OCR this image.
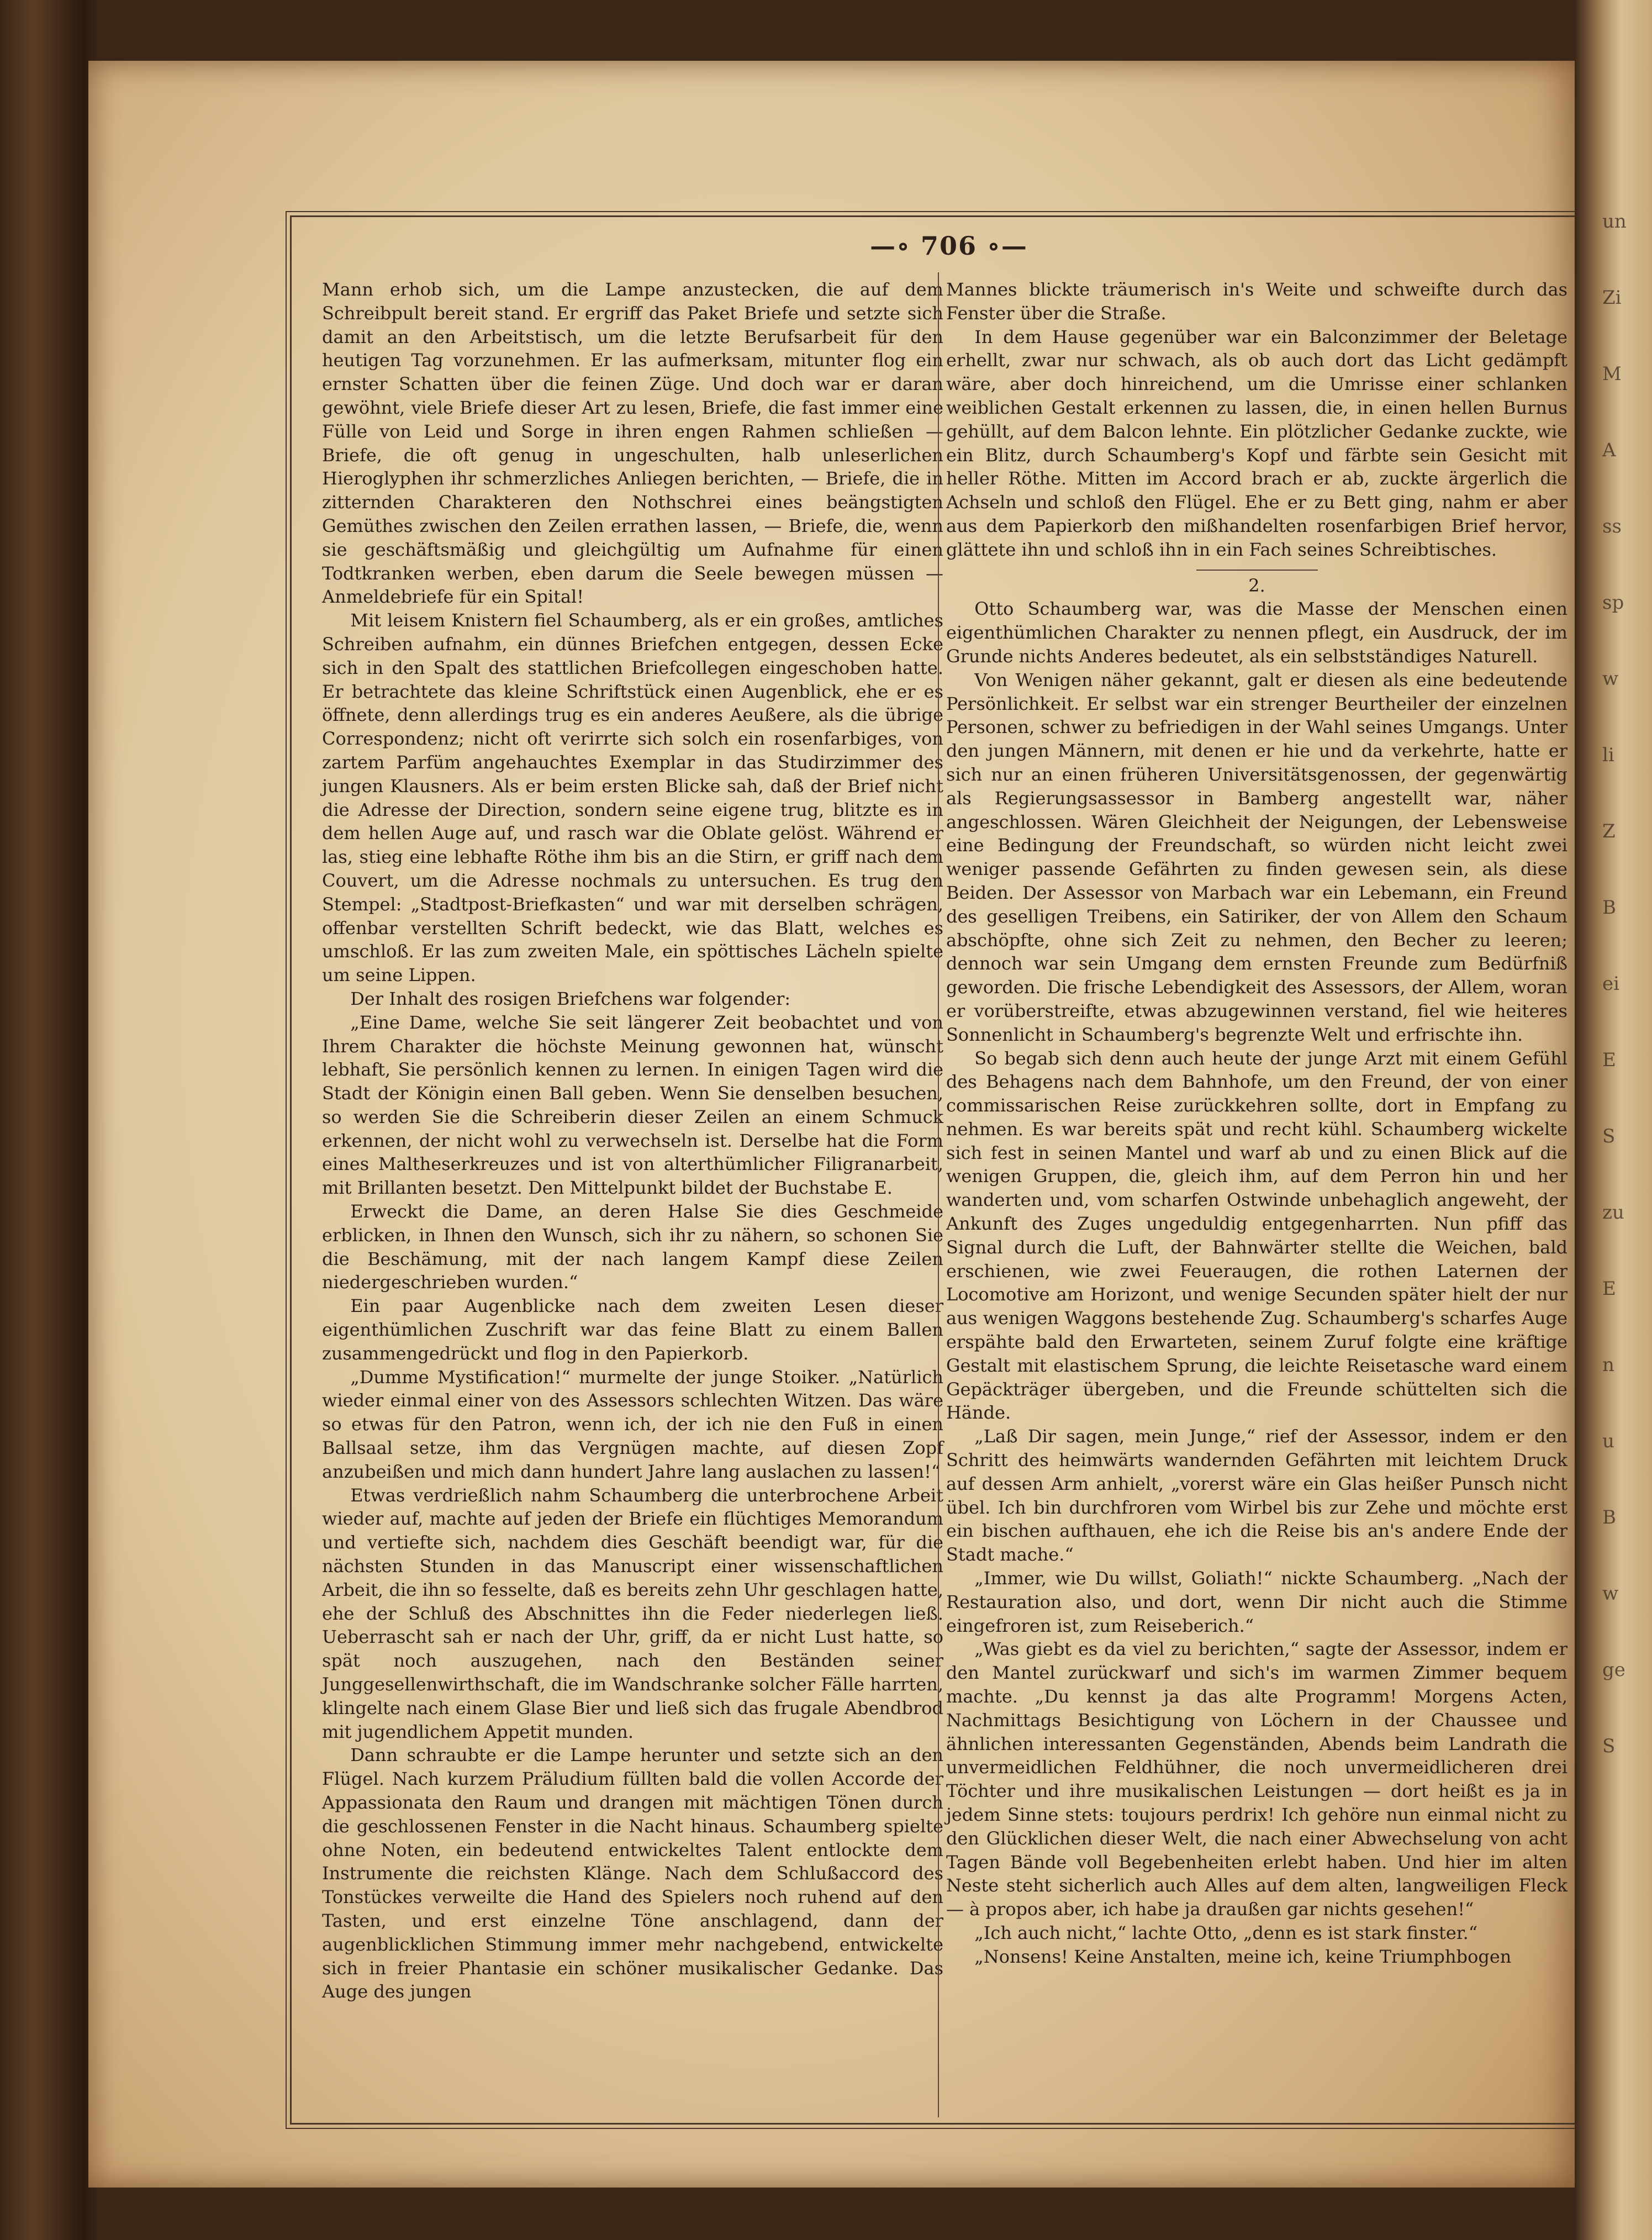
—∘ 706 ∘—

Mann erhob sich, um die Lampe anzustecken, die auf dem Schreibpult bereit stand. Er ergriff das Paket Briefe und setzte sich damit an den Arbeitstisch, um die letzte Berufsarbeit für den heutigen Tag vorzunehmen. Er las aufmerksam, mitunter flog ein ernster Schatten über die feinen Züge. Und doch war er daran gewöhnt, viele Briefe dieser Art zu lesen, Briefe, die fast immer eine Fülle von Leid und Sorge in ihren engen Rahmen schließen — Briefe, die oft genug in ungeschulten, halb unleserlichen Hieroglyphen ihr schmerzliches Anliegen berichten, — Briefe, die in zitternden Charakteren den Nothschrei eines beängstigten Gemüthes zwischen den Zeilen errathen lassen, — Briefe, die, wenn sie geschäftsmäßig und gleichgültig um Aufnahme für einen Todtkranken werben, eben darum die Seele bewegen müssen — Anmeldebriefe für ein Spital!

Mit leisem Knistern fiel Schaumberg, als er ein großes, amtliches Schreiben aufnahm, ein dünnes Briefchen entgegen, dessen Ecke sich in den Spalt des stattlichen Briefcollegen eingeschoben hatte. Er betrachtete das kleine Schriftstück einen Augenblick, ehe er es öffnete, denn allerdings trug es ein anderes Aeußere, als die übrige Correspondenz; nicht oft verirrte sich solch ein rosenfarbiges, von zartem Parfüm angehauchtes Exemplar in das Studirzimmer des jungen Klausners. Als er beim ersten Blicke sah, daß der Brief nicht die Adresse der Direction, sondern seine eigene trug, blitzte es in dem hellen Auge auf, und rasch war die Oblate gelöst. Während er las, stieg eine lebhafte Röthe ihm bis an die Stirn, er griff nach dem Couvert, um die Adresse nochmals zu untersuchen. Es trug den Stempel: „Stadtpost-Briefkasten“ und war mit derselben schrägen, offenbar verstellten Schrift bedeckt, wie das Blatt, welches es umschloß. Er las zum zweiten Male, ein spöttisches Lächeln spielte um seine Lippen.

Der Inhalt des rosigen Briefchens war folgender:

„Eine Dame, welche Sie seit längerer Zeit beobachtet und von Ihrem Charakter die höchste Meinung gewonnen hat, wünscht lebhaft, Sie persönlich kennen zu lernen. In einigen Tagen wird die Stadt der Königin einen Ball geben. Wenn Sie denselben besuchen, so werden Sie die Schreiberin dieser Zeilen an einem Schmuck erkennen, der nicht wohl zu verwechseln ist. Derselbe hat die Form eines Maltheserkreuzes und ist von alterthümlicher Filigranarbeit, mit Brillanten besetzt. Den Mittelpunkt bildet der Buchstabe E.

Erweckt die Dame, an deren Halse Sie dies Geschmeide erblicken, in Ihnen den Wunsch, sich ihr zu nähern, so schonen Sie die Beschämung, mit der nach langem Kampf diese Zeilen niedergeschrieben wurden.“

Ein paar Augenblicke nach dem zweiten Lesen dieser eigenthümlichen Zuschrift war das feine Blatt zu einem Ballen zusammengedrückt und flog in den Papierkorb.

„Dumme Mystification!“ murmelte der junge Stoiker. „Natürlich wieder einmal einer von des Assessors schlechten Witzen. Das wäre so etwas für den Patron, wenn ich, der ich nie den Fuß in einen Ballsaal setze, ihm das Vergnügen machte, auf diesen Zopf anzubeißen und mich dann hundert Jahre lang auslachen zu lassen!“

Etwas verdrießlich nahm Schaumberg die unterbrochene Arbeit wieder auf, machte auf jeden der Briefe ein flüchtiges Memorandum und vertiefte sich, nachdem dies Geschäft beendigt war, für die nächsten Stunden in das Manuscript einer wissenschaftlichen Arbeit, die ihn so fesselte, daß es bereits zehn Uhr geschlagen hatte, ehe der Schluß des Abschnittes ihn die Feder niederlegen ließ. Ueberrascht sah er nach der Uhr, griff, da er nicht Lust hatte, so spät noch auszugehen, nach den Beständen seiner Junggesellenwirthschaft, die im Wandschranke solcher Fälle harrten, klingelte nach einem Glase Bier und ließ sich das frugale Abendbrod mit jugendlichem Appetit munden.

Dann schraubte er die Lampe herunter und setzte sich an den Flügel. Nach kurzem Präludium füllten bald die vollen Accorde der Appassionata den Raum und drangen mit mächtigen Tönen durch die geschlossenen Fenster in die Nacht hinaus. Schaumberg spielte ohne Noten, ein bedeutend entwickeltes Talent entlockte dem Instrumente die reichsten Klänge. Nach dem Schlußaccord des Tonstückes verweilte die Hand des Spielers noch ruhend auf den Tasten, und erst einzelne Töne anschlagend, dann der augenblicklichen Stimmung immer mehr nachgebend, entwickelte sich in freier Phantasie ein schöner musikalischer Gedanke. Das Auge des jungen

Mannes blickte träumerisch in's Weite und schweifte durch das Fenster über die Straße.

In dem Hause gegenüber war ein Balconzimmer der Beletage erhellt, zwar nur schwach, als ob auch dort das Licht gedämpft wäre, aber doch hinreichend, um die Umrisse einer schlanken weiblichen Gestalt erkennen zu lassen, die, in einen hellen Burnus gehüllt, auf dem Balcon lehnte. Ein plötzlicher Gedanke zuckte, wie ein Blitz, durch Schaumberg's Kopf und färbte sein Gesicht mit heller Röthe. Mitten im Accord brach er ab, zuckte ärgerlich die Achseln und schloß den Flügel. Ehe er zu Bett ging, nahm er aber aus dem Papierkorb den mißhandelten rosenfarbigen Brief hervor, glättete ihn und schloß ihn in ein Fach seines Schreibtisches.

2.

Otto Schaumberg war, was die Masse der Menschen einen eigenthümlichen Charakter zu nennen pflegt, ein Ausdruck, der im Grunde nichts Anderes bedeutet, als ein selbstständiges Naturell.

Von Wenigen näher gekannt, galt er diesen als eine bedeutende Persönlichkeit. Er selbst war ein strenger Beurtheiler der einzelnen Personen, schwer zu befriedigen in der Wahl seines Umgangs. Unter den jungen Männern, mit denen er hie und da verkehrte, hatte er sich nur an einen früheren Universitätsgenossen, der gegenwärtig als Regierungsassessor in Bamberg angestellt war, näher angeschlossen. Wären Gleichheit der Neigungen, der Lebensweise eine Bedingung der Freundschaft, so würden nicht leicht zwei weniger passende Gefährten zu finden gewesen sein, als diese Beiden. Der Assessor von Marbach war ein Lebemann, ein Freund des geselligen Treibens, ein Satiriker, der von Allem den Schaum abschöpfte, ohne sich Zeit zu nehmen, den Becher zu leeren; dennoch war sein Umgang dem ernsten Freunde zum Bedürfniß geworden. Die frische Lebendigkeit des Assessors, der Allem, woran er vorüberstreifte, etwas abzugewinnen verstand, fiel wie heiteres Sonnenlicht in Schaumberg's begrenzte Welt und erfrischte ihn.

So begab sich denn auch heute der junge Arzt mit einem Gefühl des Behagens nach dem Bahnhofe, um den Freund, der von einer commissarischen Reise zurückkehren sollte, dort in Empfang zu nehmen. Es war bereits spät und recht kühl. Schaumberg wickelte sich fest in seinen Mantel und warf ab und zu einen Blick auf die wenigen Gruppen, die, gleich ihm, auf dem Perron hin und her wanderten und, vom scharfen Ostwinde unbehaglich angeweht, der Ankunft des Zuges ungeduldig entgegenharrten. Nun pfiff das Signal durch die Luft, der Bahnwärter stellte die Weichen, bald erschienen, wie zwei Feueraugen, die rothen Laternen der Locomotive am Horizont, und wenige Secunden später hielt der nur aus wenigen Waggons bestehende Zug. Schaumberg's scharfes Auge erspähte bald den Erwarteten, seinem Zuruf folgte eine kräftige Gestalt mit elastischem Sprung, die leichte Reisetasche ward einem Gepäckträger übergeben, und die Freunde schüttelten sich die Hände.

„Laß Dir sagen, mein Junge,“ rief der Assessor, indem er den Schritt des heimwärts wandernden Gefährten mit leichtem Druck auf dessen Arm anhielt, „vorerst wäre ein Glas heißer Punsch nicht übel. Ich bin durchfroren vom Wirbel bis zur Zehe und möchte erst ein bischen aufthauen, ehe ich die Reise bis an's andere Ende der Stadt mache.“

„Immer, wie Du willst, Goliath!“ nickte Schaumberg. „Nach der Restauration also, und dort, wenn Dir nicht auch die Stimme eingefroren ist, zum Reiseberich.“

„Was giebt es da viel zu berichten,“ sagte der Assessor, indem er den Mantel zurückwarf und sich's im warmen Zimmer bequem machte. „Du kennst ja das alte Programm! Morgens Acten, Nachmittags Besichtigung von Löchern in der Chaussee und ähnlichen interessanten Gegenständen, Abends beim Landrath die unvermeidlichen Feldhühner, die noch unvermeidlicheren drei Töchter und ihre musikalischen Leistungen — dort heißt es ja in jedem Sinne stets: toujours perdrix! Ich gehöre nun einmal nicht zu den Glücklichen dieser Welt, die nach einer Abwechselung von acht Tagen Bände voll Begebenheiten erlebt haben. Und hier im alten Neste steht sicherlich auch Alles auf dem alten, langweiligen Fleck — à propos aber, ich habe ja draußen gar nichts gesehen!“

„Ich auch nicht,“ lachte Otto, „denn es ist stark finster.“

„Nonsens! Keine Anstalten, meine ich, keine Triumphbogen

un
Zi
M
A
ss
sp
w
li
Z
B
ei
E
S
zu
E
n
u
B
w
ge
S
